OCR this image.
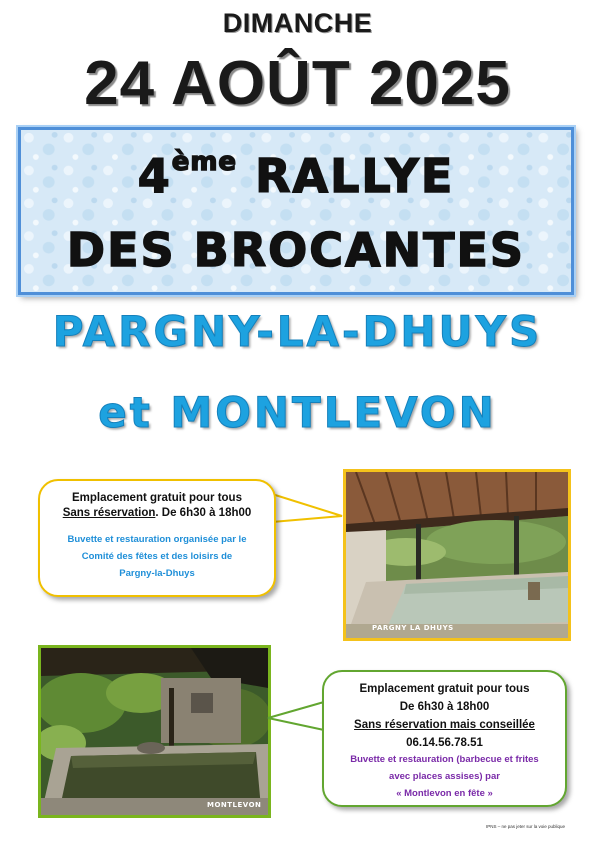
DIMANCHE
24 AOÛT 2025
4ème RALLYE
DES BROCANTES
PARGNY-LA-DHUYS
et MONTLEVON
Emplacement gratuit pour tous
Sans réservation. De 6h30 à 18h00
Buvette et restauration organisée par le
Comité des fêtes et des loisirs de
Pargny-la-Dhuys
PARGNY LA DHUYS
MONTLEVON
Emplacement gratuit pour tous
De 6h30 à 18h00
Sans réservation mais conseillée
06.14.56.78.51
Buvette et restauration (barbecue et frites
avec places assises) par
« Montlevon en fête »
IPNS – ne pas jeter sur la voie publique
